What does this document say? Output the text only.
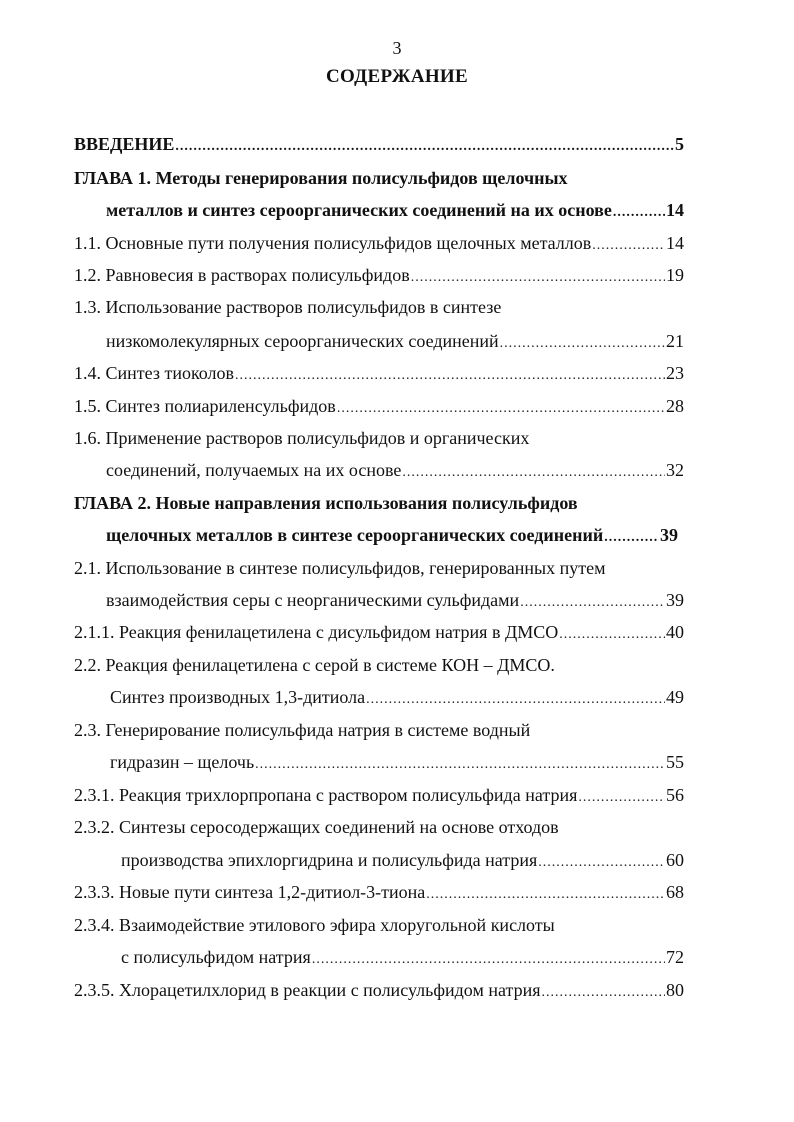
3
СОДЕРЖАНИЕ
ВВЕДЕНИЕ .....	5
ГЛАВА 1. Методы генерирования полисульфидов щелочных
металлов и синтез сероорганических соединений на их основе .....	14
1.1. Основные пути получения полисульфидов щелочных металлов .....	14
1.2. Равновесия в растворах полисульфидов .....	19
1.3. Использование растворов полисульфидов в синтезе
низкомолекулярных сероорганических соединений .....	21
1.4. Синтез тиоколов .....	23
1.5. Синтез полиариленсульфидов .....	28
1.6. Применение растворов полисульфидов и органических
соединений, получаемых на их основе .....	32
ГЛАВА 2. Новые направления использования полисульфидов
щелочных металлов в синтезе сероорганических соединений .....	39
2.1. Использование в синтезе полисульфидов, генерированных путем
взаимодействия серы с неорганическими сульфидами .....	39
2.1.1. Реакция фенилацетилена с дисульфидом натрия в ДМСО .....	40
2.2. Реакция фенилацетилена с серой в системе КОН – ДМСО.
Синтез производных 1,3-дитиола .....	49
2.3. Генерирование полисульфида натрия в системе водный
гидразин – щелочь .....	55
2.3.1. Реакция трихлорпропана с раствором полисульфида натрия .....	56
2.3.2. Синтезы серосодержащих соединений на основе отходов
производства эпихлоргидрина и полисульфида натрия .....	60
2.3.3. Новые пути синтеза 1,2-дитиол-3-тиона .....	68
2.3.4. Взаимодействие этилового эфира хлоругольной кислоты
с полисульфидом натрия .....	72
2.3.5. Хлорацетилхлорид в реакции с полисульфидом натрия .....	80
